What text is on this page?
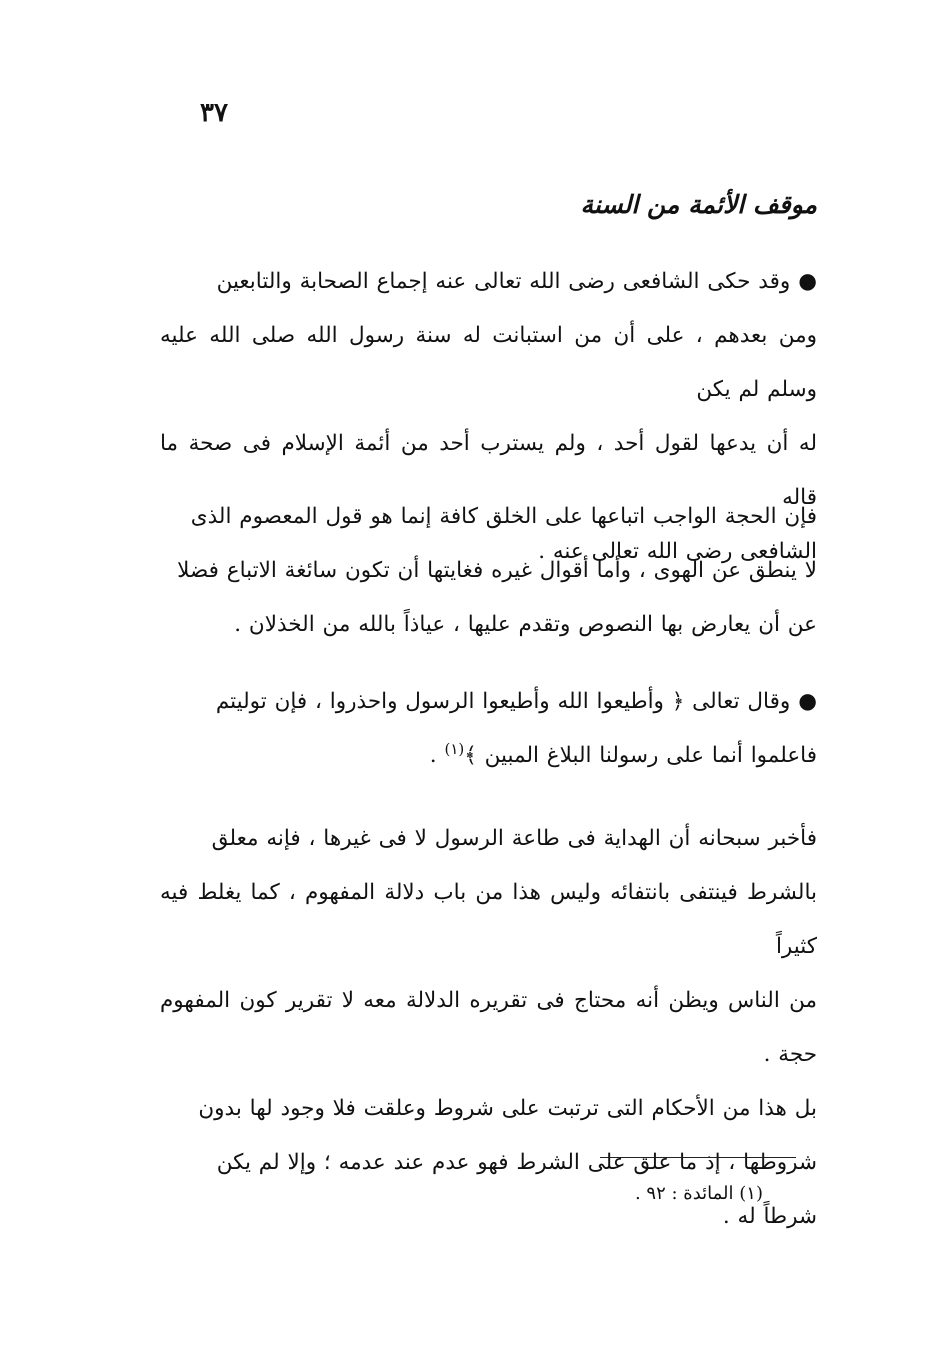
٣٧
موقف الأئمة من السنة

●وقد حكى الشافعى رضى الله تعالى عنه إجماع الصحابة والتابعين

ومن بعدهم ، على أن من استبانت له سنة رسول الله صلى الله عليه وسلم لم يكن

له أن يدعها لقول أحد ، ولم يسترب أحد من أئمة الإسلام فى صحة ما قاله

الشافعى رضى الله تعالى عنه .

فإن الحجة الواجب اتباعها على الخلق كافة إنما هو قول المعصوم الذى

لا ينطق عن الهوى ، وأما أقوال غيره فغايتها أن تكون سائغة الاتباع فضلا

عن أن يعارض بها النصوص وتقدم عليها ، عياذاً بالله من الخذلان .

●وقال تعالى ﴿ وأطيعوا الله وأطيعوا الرسول واحذروا ، فإن توليتم

فاعلموا أنما على رسولنا البلاغ المبين ﴾$^{(١)}$ .

فأخبر سبحانه أن الهداية فى طاعة الرسول لا فى غيرها ، فإنه معلق

بالشرط فينتفى بانتفائه وليس هذا من باب دلالة المفهوم ، كما يغلط فيه كثيراً

من الناس ويظن أنه محتاج فى تقريره الدلالة معه لا تقرير كون المفهوم حجة .

بل هذا من الأحكام التى ترتبت على شروط وعلقت فلا وجود لها بدون

شروطها ، إذ ما علق على الشرط فهو عدم عند عدمه ؛ وإلا لم يكن

شرطاً له .

(١) المائدة : ٩٢ .
